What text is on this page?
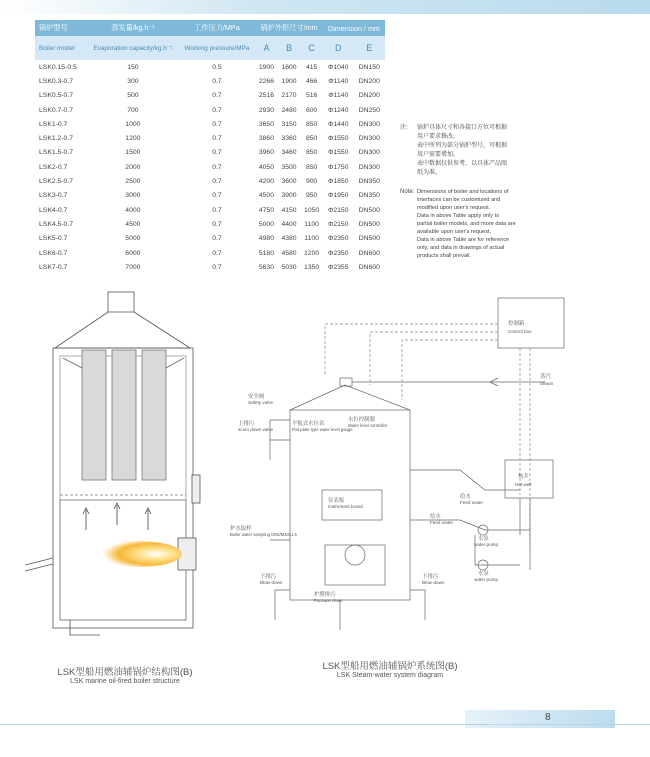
锅炉型号	蒸发量/kg.h⁻¹	工作压力/MPa	锅炉外形尺寸/mm			Dimension / mm	
Boiler model	Evaporation capacity/kg.h⁻¹	Working pressure/MPa	A	B	C	D	E
LSK0.15-0.5	150	0.5	1900	1600	415	Φ1040	DN150
LSK0.3-0.7	300	0.7	2266	1900	466	Φ1140	DN200
LSK0.5-0.7	500	0.7	2516	2170	516	Φ1140	DN200
LSK0.7-0.7	700	0.7	2930	2480	600	Φ1240	DN250
LSK1-0.7	1000	0.7	3650	3150	850	Φ1440	DN300
LSK1.2-0.7	1200	0.7	3860	3360	850	Φ1550	DN300
LSK1.5-0.7	1500	0.7	3960	3460	850	Φ1550	DN300
LSK2-0.7	2000	0.7	4050	3500	850	Φ1750	DN300
LSK2.5-0.7	2500	0.7	4200	3600	900	Φ1850	DN350
LSK3-0.7	3000	0.7	4500	3900	950	Φ1950	DN350
LSK4-0.7	4000	0.7	4750	4150	1050	Φ2150	DN500
LSK4.5-0.7	4500	0.7	5000	4400	1100	Φ2150	DN500
LSK5-0.7	5000	0.7	4980	4380	1100	Φ2350	DN500
LSK6-0.7	6000	0.7	5180	4580	1200	Φ2350	DN600
LSK7-0.7	7000	0.7	5630	5030	1350	Φ2355	DN600
注:	锅炉具体尺寸和各接口方位可根据
用户要求修改。
表中所列为部分锅炉型号，可根据
用户需要增加。
表中数据仅供参考，以具体产品图
纸为准。
Note: Dimensions of boiler and locations of
interfaces can be customized and
modified upon user's request.
Data in above Table apply only to
partial boiler models, and more data are
available upon user's request.
Data in above Table are for reference
only, and data in drawings of actual
products shall prevail.
LSK型船用燃油辅锅炉结构图(B)
LSK marine oil-fired boiler structure
控制箱
Control box
蒸汽
Steam
安全阀
Safety valve
上排污
scum down valve
平板式水位表
Flat-plate type water level gauge
水位控制器
Water level controller
仪表板
Instrument board
炉水取样
Boiler water sampling DN6/M20x1.5
给水
Feed water
给水
Feed water
热井
Hot well
水泵
water pump
水泵
water pump
下排污
Blow-down
下排污
Blow-down
炉膛排污
Furnace drain
LSK型船用燃油辅锅炉系统图(B)
LSK Steam-water system diagram
8
